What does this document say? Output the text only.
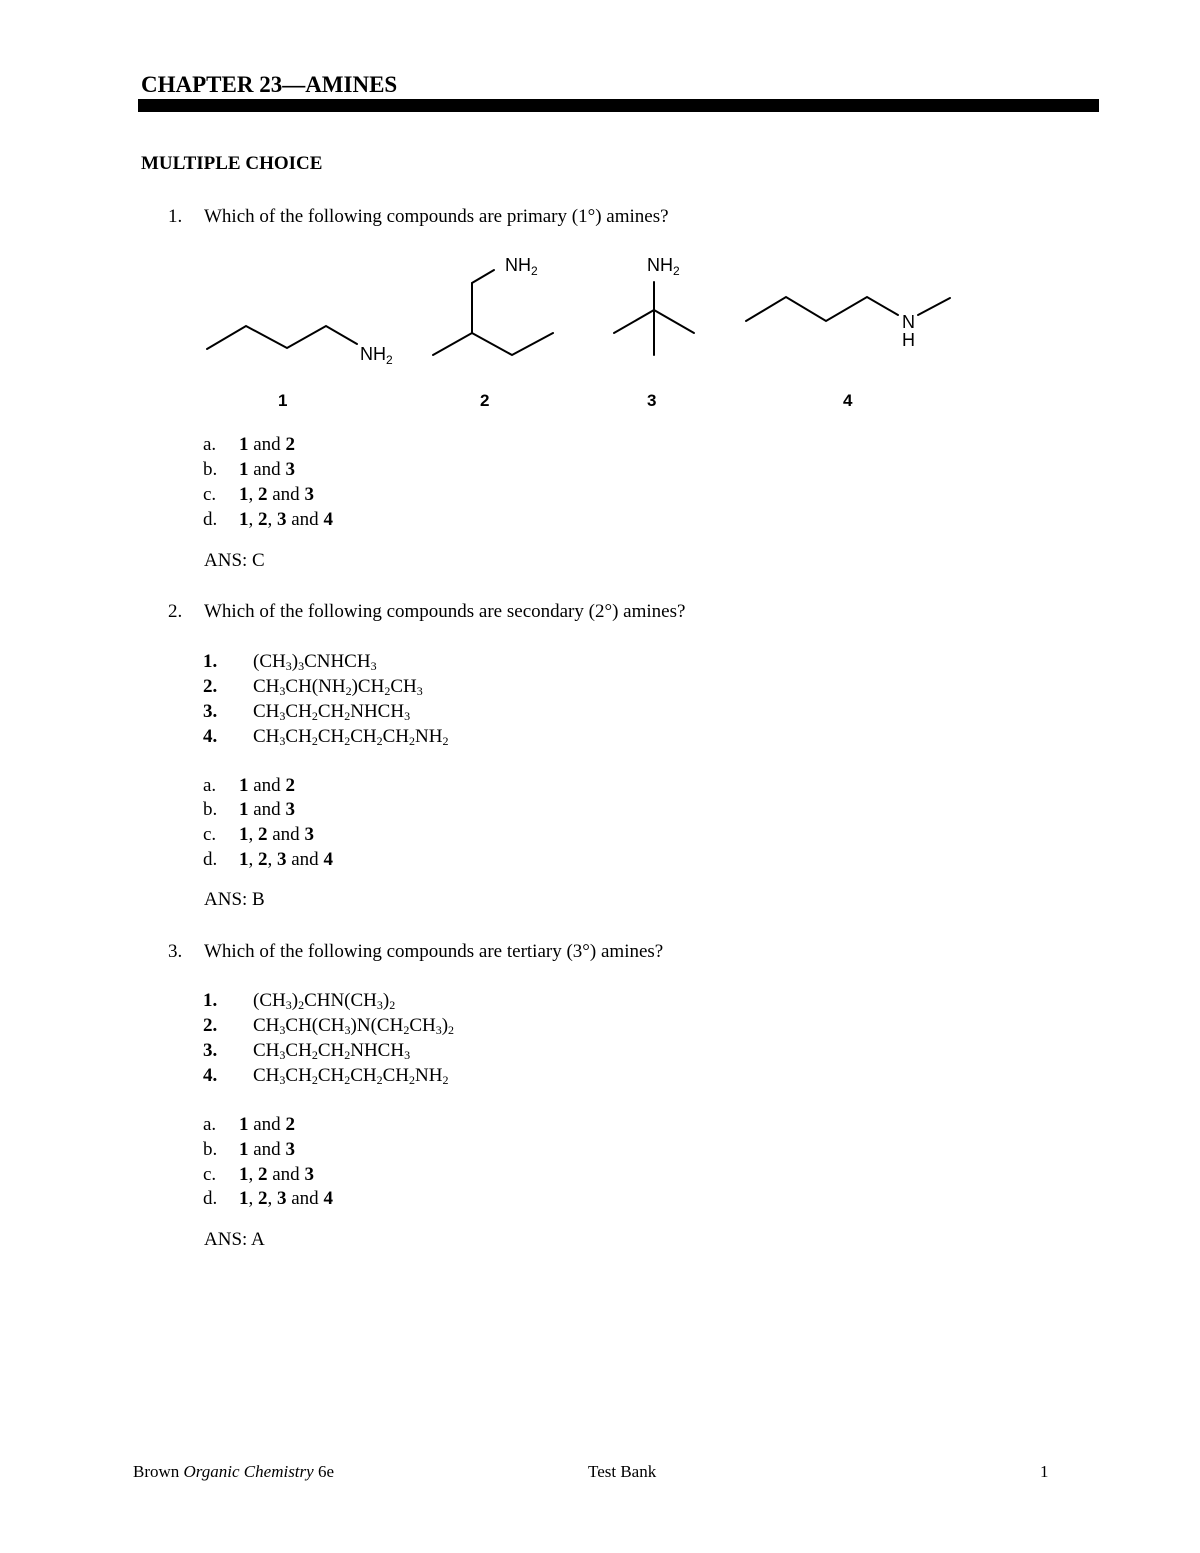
CHAPTER 23—AMINES
MULTIPLE CHOICE
1. Which of the following compounds are primary (1°) amines?
$NH_2$
$NH_2$	$NH_2$
N
H
1	2	3	4
a. 1 and 2
b. 1 and 3
c. 1, 2 and 3
d. 1, 2, 3 and 4
ANS: C
2. Which of the following compounds are secondary (2°) amines?
1. $(CH_3)_3CNHCH_3$
2. $CH_3CH(NH_2)CH_2CH_3$
3. $CH_3CH_2CH_2NHCH_3$
4. $CH_3CH_2CH_2CH_2CH_2NH_2$
a. 1 and 2
b. 1 and 3
c. 1, 2 and 3
d. 1, 2, 3 and 4
ANS: B
3. Which of the following compounds are tertiary (3°) amines?
1. $(CH_3)_2CHN(CH_3)_2$
2. $CH_3CH(CH_3)N(CH_2CH_3)_2$
3. $CH_3CH_2CH_2NHCH_3$
4. $CH_3CH_2CH_2CH_2CH_2NH_2$
a. 1 and 2
b. 1 and 3
c. 1, 2 and 3
d. 1, 2, 3 and 4
ANS: A
Brown Organic Chemistry 6e	Test Bank	1
